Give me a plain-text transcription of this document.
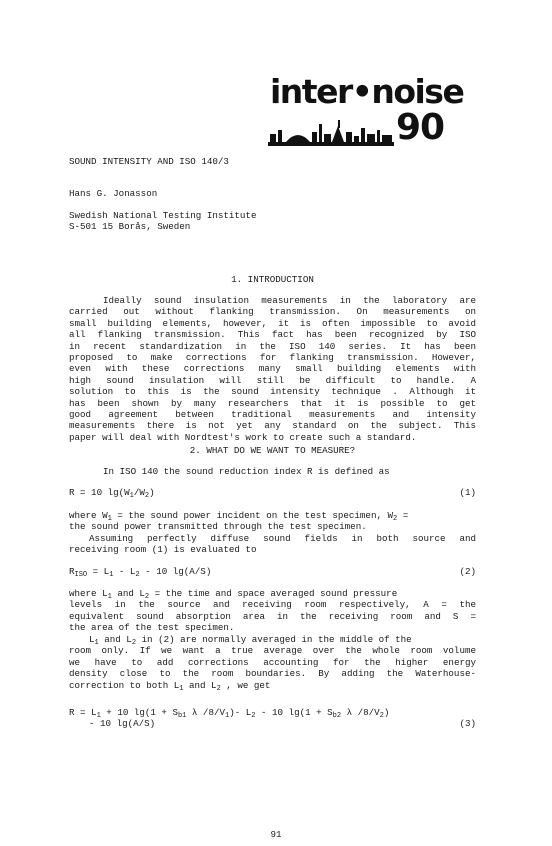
inter•noise
90
SOUND INTENSITY AND ISO 140/3
Hans G. Jonasson
Swedish National Testing Institute
S-501 15 Borås, Sweden
1. INTRODUCTION
Ideally sound insulation measurements in the laboratory are
carried out without flanking transmission. On measurements on
small building elements, however, it is often impossible to avoid
all flanking transmission. This fact has been recognized by ISO
in recent standardization in the ISO 140 series. It has been
proposed to make corrections for flanking transmission. However,
even with these corrections many small building elements with
high sound insulation will still be difficult to handle. A
solution to this is the sound intensity technique . Although it
has been shown by many researchers that it is possible to get
good agreement between traditional measurements and intensity
measurements there is not yet any standard on the subject. This
paper will deal with Nordtest's work to create such a standard.
2. WHAT DO WE WANT TO MEASURE?
In ISO 140 the sound reduction index R is defined as
R = 10 $\lg(W_1/W_2)$	(1)
where $W_1$ = the sound power incident on the test specimen, $W_2$ =
the sound power transmitted through the test specimen.
Assuming perfectly diffuse sound fields in both source and
receiving room (1) is evaluated to
$R_{ISO} = L_1 - L_2 - 10$ lg(A/S)	(2)
where $L_1$ and $L_2$ = the time and space averaged sound pressure
levels in the source and receiving room respectively, A = the
equivalent sound absorption area in the receiving room and S =
the area of the test specimen.
$L_1$ and $L_2$ in (2) are normally averaged in the middle of the
room only. If we want a true average over the whole room volume
we have to add corrections accounting for the higher energy
density close to the room boundaries. By adding the Waterhouse-
correction to both $L_1$ and $L_2$ , we get
$R = L_1 + 10$ $\lg(1 + S_{b1}$ λ $/8/V_1)-$ $L_2 - 10$ $\lg(1 + S_{b2}$ λ $/8/V_2$)
- 10 lg(A/S)	(3)
91
